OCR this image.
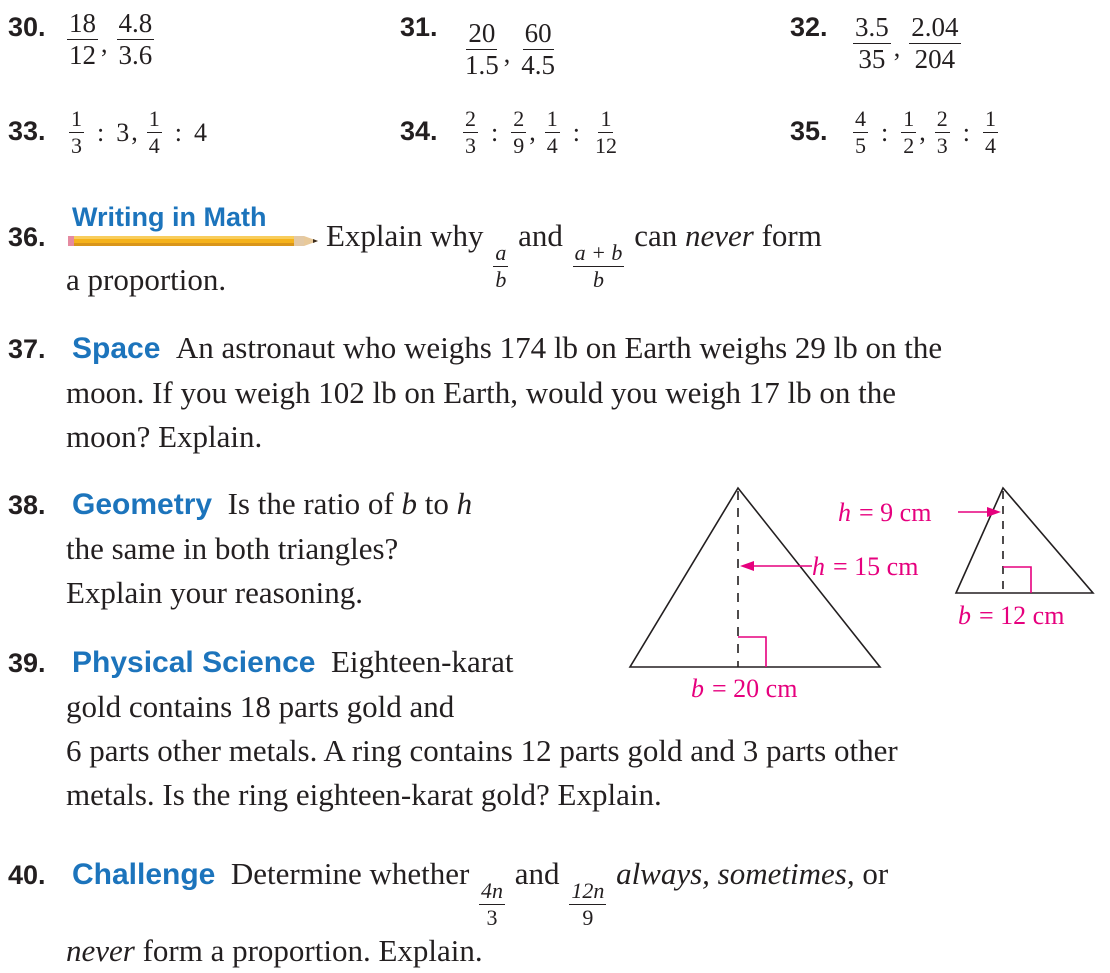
30. $\frac{18}{12}$ , $\frac{4.8}{3.6}$	31. $\frac{20}{1.5}$ , $\frac{60}{4.5}$	32. $\frac{3.5}{35}$ , $\frac{2.04}{204}$
33. $\frac{1}{3}$ : 3 , $\frac{1}{4}$ : 4	34. $\frac{2}{3}$ : $\frac{2}{9}$ , $\frac{1}{4}$ : $\frac{1}{12}$	35. $\frac{4}{5}$ : $\frac{1}{2}$ , $\frac{2}{3}$ : $\frac{1}{4}$
36.
Writing in Math
Explain why
$\frac{a}{b}$
and
$\frac{a + b}{b}$
can never form
a proportion.
37. Space An astronaut who weighs 174 lb on Earth weighs 29 lb on the
moon. If you weigh 102 lb on Earth, would you weigh 17 lb on the
moon? Explain.
38. Geometry Is the ratio of b to h
the same in both triangles?
Explain your reasoning.
39. Physical Science Eighteen-karat
gold contains 18 parts gold and
6 parts other metals. A ring contains 12 parts gold and 3 parts other
metals. Is the ring eighteen-karat gold? Explain.
40. Challenge Determine whether
$\frac{4n}{3}$
and
$\frac{12n}{9}$
always, sometimes, or
never form a proportion. Explain.
h = 15 cm
b = 20 cm
h = 9 cm
b = 12 cm
